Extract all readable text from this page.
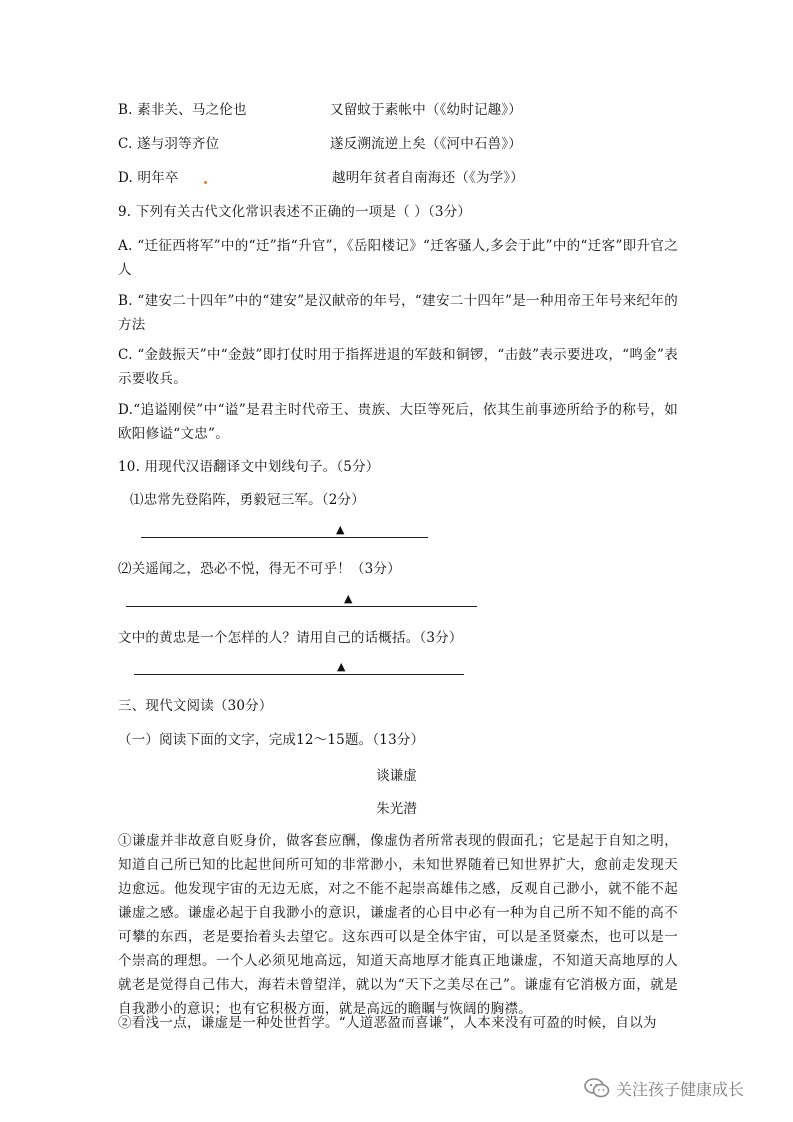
B. 素非关、马之伦也	又留蚊于素帐中（《幼时记趣》）
C. 遂与羽等齐位	遂反溯流逆上矣（《河中石兽》）
D. 明年卒	越明年贫者自南海还（《为学》）
9. 下列有关古代文化常识表述不正确的一项是（ ）（3分）
A. “迁征西将军”中的“迁”指“升官”，《岳阳楼记》“迁客骚人,多会于此”中的“迁客”即升官之人
B. “建安二十四年”中的“建安”是汉献帝的年号，“建安二十四年”是一种用帝王年号来纪年的方法
C. “金鼓振天”中“金鼓”即打仗时用于指挥进退的军鼓和铜锣，“击鼓”表示要进攻，“鸣金”表示要收兵。
D.“追谥刚侯”中“谥”是君主时代帝王、贵族、大臣等死后，依其生前事迹所给予的称号，如欧阳修谥“文忠”。
10. 用现代汉语翻译文中划线句子。（5分）
⑴忠常先登陷阵，勇毅冠三军。（2分）
▲
⑵关遥闻之，恐必不悦，得无不可乎！（3分）
▲
文中的黄忠是一个怎样的人？请用自己的话概括。（3分）
▲
三、现代文阅读（30分）
（一）阅读下面的文字，完成12～15题。（13分）
谈谦虚
朱光潜
①谦虚并非故意自贬身价，做客套应酬，像虚伪者所常表现的假面孔；它是起于自知之明，知道自己所已知的比起世间所可知的非常渺小，未知世界随着已知世界扩大，愈前走发现天边愈远。他发现宇宙的无边无底，对之不能不起崇高雄伟之感，反观自己渺小，就不能不起谦虚之感。谦虚必起于自我渺小的意识，谦虚者的心目中必有一种为自己所不知不能的高不可攀的东西，老是要抬着头去望它。这东西可以是全体宇宙，可以是圣贤豪杰，也可以是一个崇高的理想。一个人必须见地高远，知道天高地厚才能真正地谦虚，不知道天高地厚的人就老是觉得自己伟大，海若未曾望洋，就以为“天下之美尽在己”。谦虚有它消极方面，就是自我渺小的意识；也有它积极方面，就是高远的瞻瞩与恢阔的胸襟。
②看浅一点，谦虚是一种处世哲学。“人道恶盈而喜谦”，人本来没有可盈的时候，自以为
关注孩子健康成长
